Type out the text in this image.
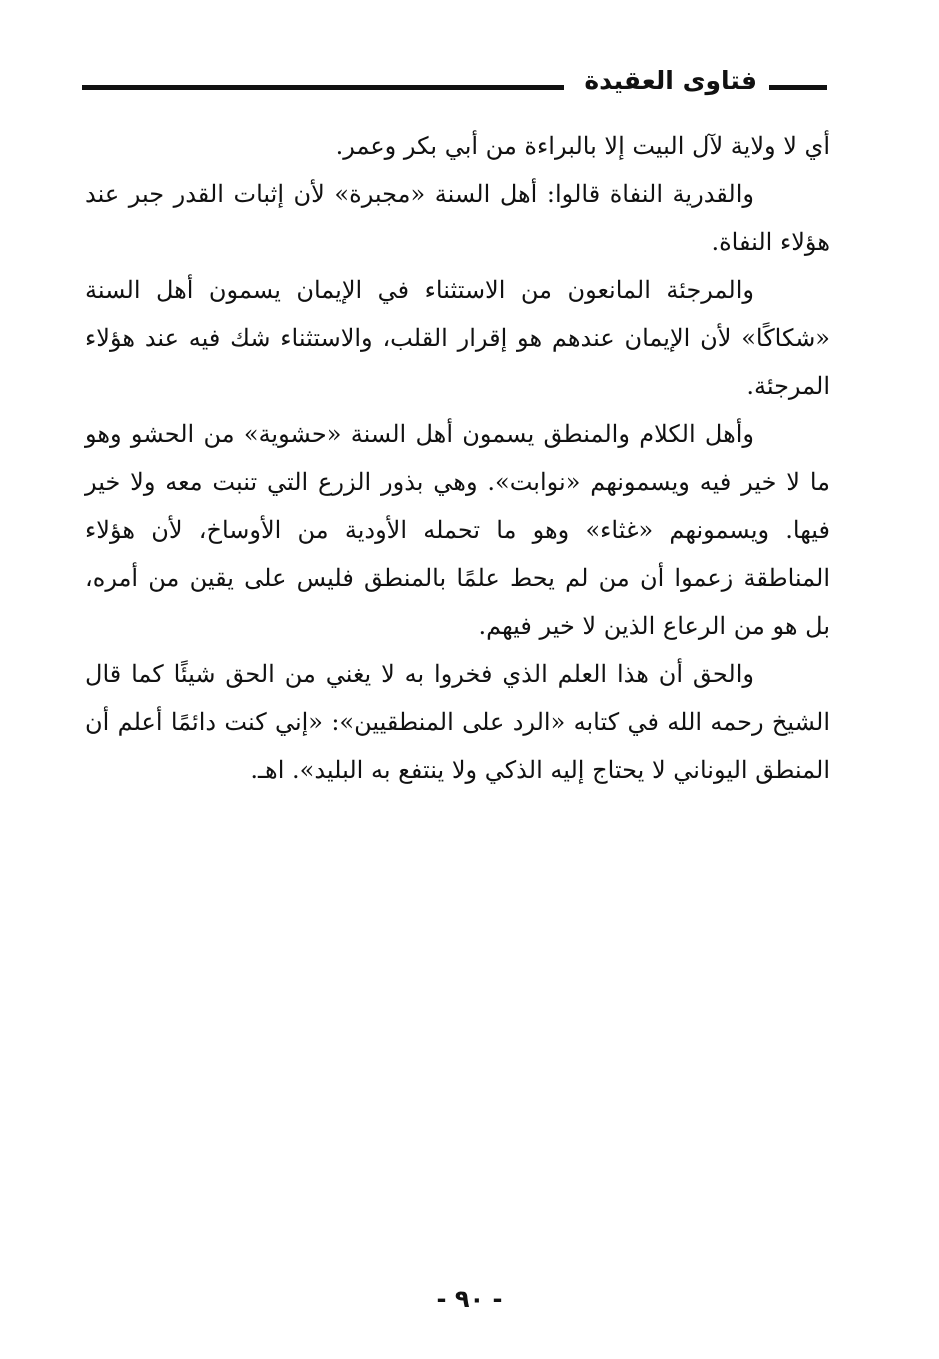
فتاوى العقيدة

أي لا ولاية لآل البيت إلا بالبراءة من أبي بكر وعمر.

والقدرية النفاة قالوا: أهل السنة «مجبرة» لأن إثبات القدر جبر عند هؤلاء النفاة.

والمرجئة المانعون من الاستثناء في الإيمان يسمون أهل السنة «شكاكًا» لأن الإيمان عندهم هو إقرار القلب، والاستثناء شك فيه عند هؤلاء المرجئة.

وأهل الكلام والمنطق يسمون أهل السنة «حشوية» من الحشو وهو ما لا خير فيه ويسمونهم «نوابت». وهي بذور الزرع التي تنبت معه ولا خير فيها. ويسمونهم «غثاء» وهو ما تحمله الأودية من الأوساخ، لأن هؤلاء المناطقة زعموا أن من لم يحط علمًا بالمنطق فليس على يقين من أمره، بل هو من الرعاع الذين لا خير فيهم.

والحق أن هذا العلم الذي فخروا به لا يغني من الحق شيئًا كما قال الشيخ رحمه الله في كتابه «الرد على المنطقيين»: «إني كنت دائمًا أعلم أن المنطق اليوناني لا يحتاج إليه الذكي ولا ينتفع به البليد». اهـ.

- ٩٠ -
